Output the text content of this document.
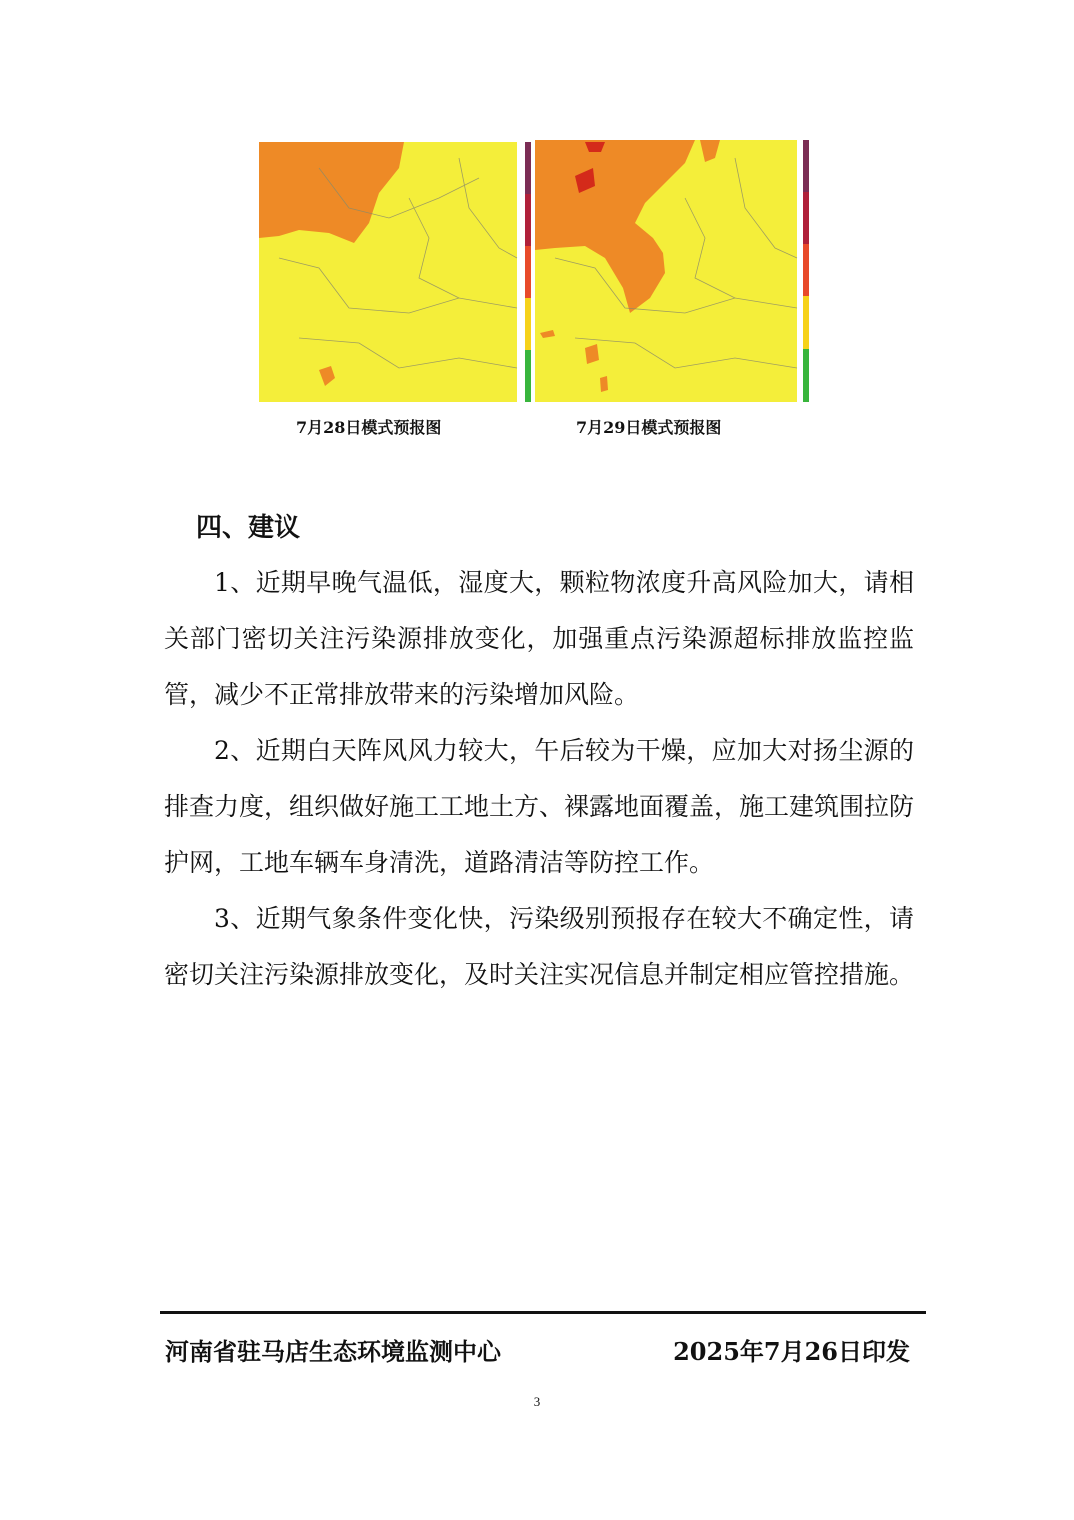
7月28日模式预报图	7月29日模式预报图
四、建议

1、近期早晚气温低，湿度大，颗粒物浓度升高风险加大，请相关部门密切关注污染源排放变化，加强重点污染源超标排放监控监管，减少不正常排放带来的污染增加风险。

2、近期白天阵风风力较大，午后较为干燥，应加大对扬尘源的排查力度，组织做好施工工地土方、裸露地面覆盖，施工建筑围拉防护网，工地车辆车身清洗，道路清洁等防控工作。

3、近期气象条件变化快，污染级别预报存在较大不确定性，请密切关注污染源排放变化，及时关注实况信息并制定相应管控措施。

河南省驻马店生态环境监测中心	2025年7月26日印发
3
